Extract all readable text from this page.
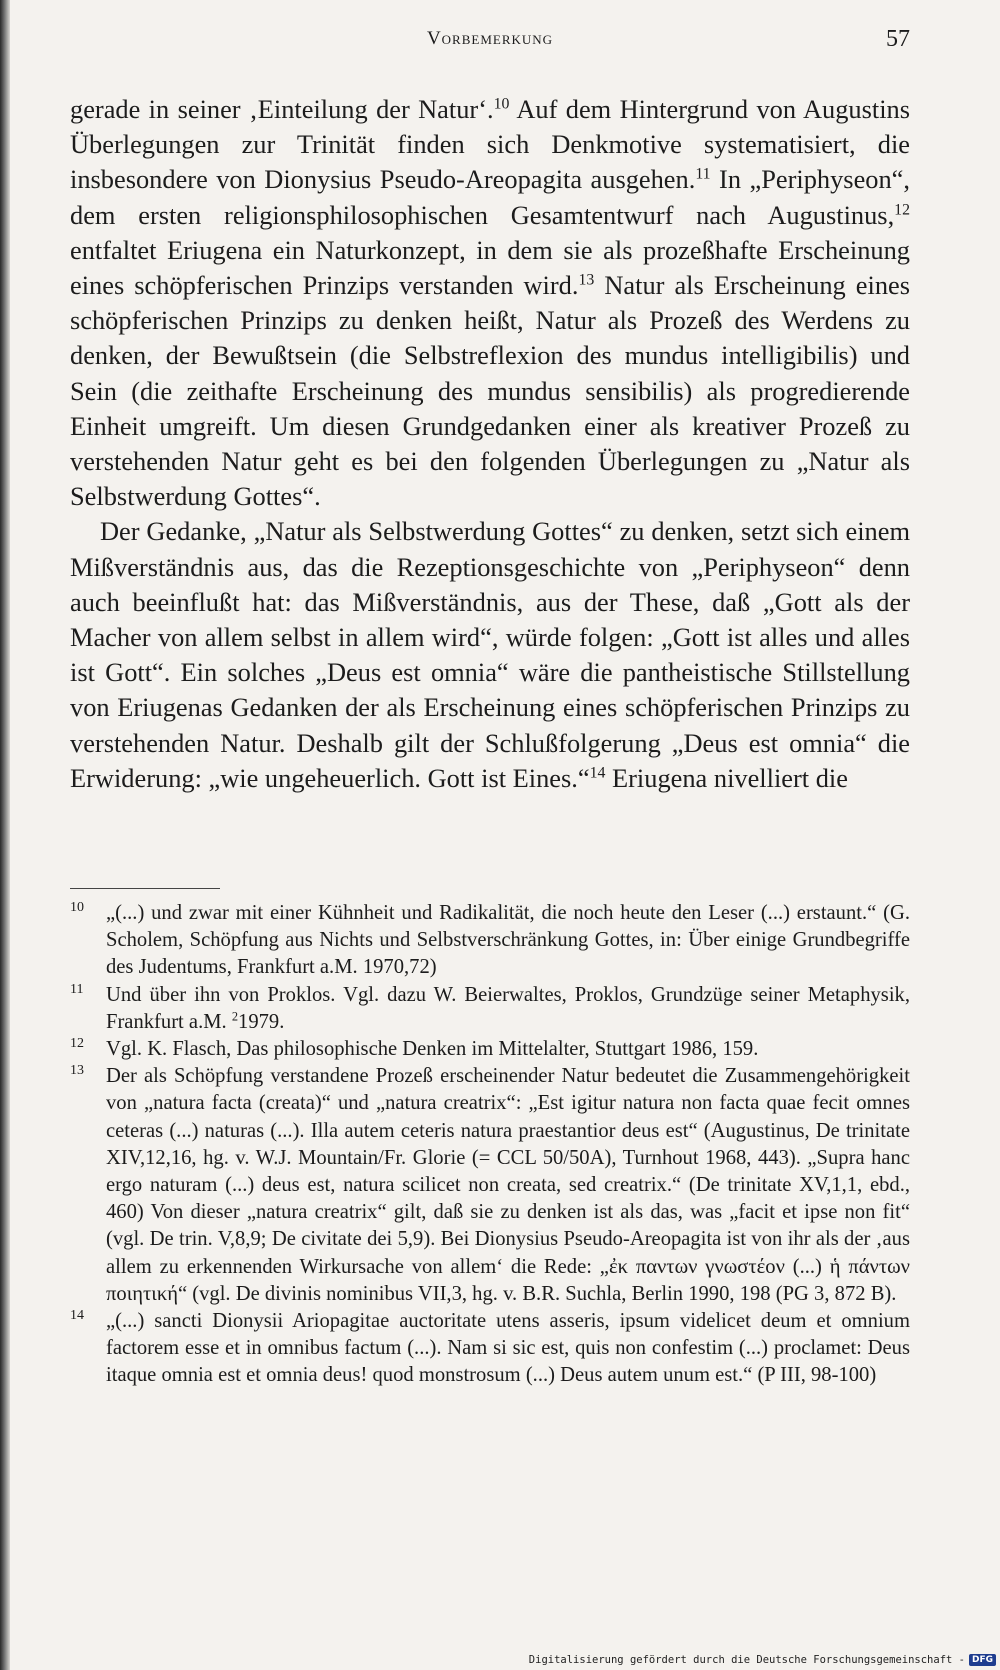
Vorbemerkung	57

gerade in seiner ‚Einteilung der Natur‘.$^{10}$ Auf dem Hintergrund von Augustins Überlegungen zur Trinität finden sich Denkmotive systematisiert, die insbesondere von Dionysius Pseudo-Areopagita ausgehen.$^{11}$ In „Periphyseon“, dem ersten religionsphilosophischen Gesamtentwurf nach Augustinus,$^{12}$ entfaltet Eriugena ein Naturkonzept, in dem sie als prozeßhafte Erscheinung eines schöpferischen Prinzips verstanden wird.$^{13}$ Natur als Erscheinung eines schöpferischen Prinzips zu denken heißt, Natur als Prozeß des Werdens zu denken, der Bewußtsein (die Selbstreflexion des mundus intelligibilis) und Sein (die zeithafte Erscheinung des mundus sensibilis) als progredierende Einheit umgreift. Um diesen Grundgedanken einer als kreativer Prozeß zu verstehenden Natur geht es bei den folgenden Überlegungen zu „Natur als Selbstwerdung Gottes“.

Der Gedanke, „Natur als Selbstwerdung Gottes“ zu denken, setzt sich einem Mißverständnis aus, das die Rezeptionsgeschichte von „Periphyseon“ denn auch beeinflußt hat: das Mißverständnis, aus der These, daß „Gott als der Macher von allem selbst in allem wird“, würde folgen: „Gott ist alles und alles ist Gott“. Ein solches „Deus est omnia“ wäre die pantheistische Stillstellung von Eriugenas Gedanken der als Erscheinung eines schöpferischen Prinzips zu verstehenden Natur. Deshalb gilt der Schlußfolgerung „Deus est omnia“ die Erwiderung: „wie ungeheuerlich. Gott ist Eines.“$^{14}$ Eriugena nivelliert die

10 „(...) und zwar mit einer Kühnheit und Radikalität, die noch heute den Leser (...) erstaunt.“ (G. Scholem, Schöpfung aus Nichts und Selbstverschränkung Gottes, in: Über einige Grundbegriffe des Judentums, Frankfurt a.M. 1970,72)

11 Und über ihn von Proklos. Vgl. dazu W. Beierwaltes, Proklos, Grundzüge seiner Metaphysik, Frankfurt a.M. $^2$1979.

12 Vgl. K. Flasch, Das philosophische Denken im Mittelalter, Stuttgart 1986, 159.

13 Der als Schöpfung verstandene Prozeß erscheinender Natur bedeutet die Zusammengehörigkeit von „natura facta (creata)“ und „natura creatrix“: „Est igitur natura non facta quae fecit omnes ceteras (...) naturas (...). Illa autem ceteris natura praestantior deus est“ (Augustinus, De trinitate XIV,12,16, hg. v. W.J. Mountain/Fr. Glorie (= CCL 50/50A), Turnhout 1968, 443). „Supra hanc ergo naturam (...) deus est, natura scilicet non creata, sed creatrix.“ (De trinitate XV,1,1, ebd., 460) Von dieser „natura creatrix“ gilt, daß sie zu denken ist als das, was „facit et ipse non fit“ (vgl. De trin. V,8,9; De civitate dei 5,9). Bei Dionysius Pseudo-Areopagita ist von ihr als der ‚aus allem zu erkennenden Wirkursache von allem‘ die Rede: „ἐκ παντων γνωστέον (...) ἡ πάντων ποιητική“ (vgl. De divinis nominibus VII,3, hg. v. B.R. Suchla, Berlin 1990, 198 (PG 3, 872 B).

14 „(...) sancti Dionysii Ariopagitae auctoritate utens asseris, ipsum videlicet deum et omnium factorem esse et in omnibus factum (...). Nam si sic est, quis non confestim (...) proclamet: Deus itaque omnia est et omnia deus! quod monstrosum (...) Deus autem unum est.“ (P III, 98-100)

Digitalisierung gefördert durch die Deutsche Forschungsgemeinschaft - DFG
